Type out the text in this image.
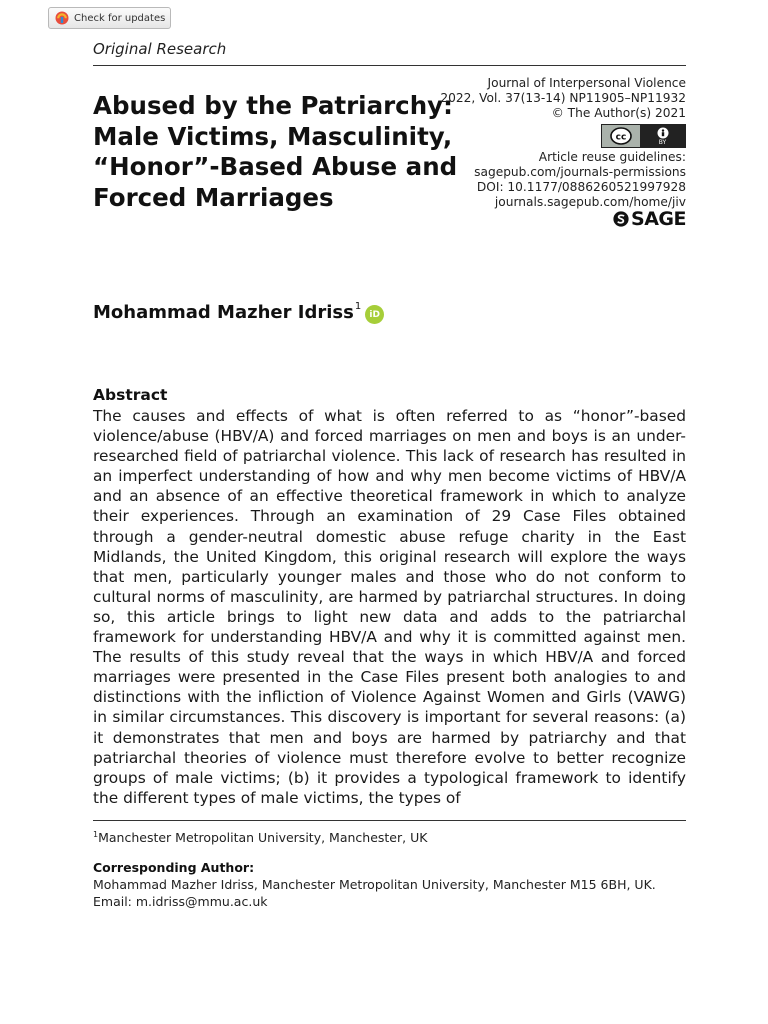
Check for updates
Original Research
Abused by the Patriarchy: Male Victims, Masculinity, “Honor”-Based Abuse and Forced Marriages
Journal of Interpersonal Violence
2022, Vol. 37(13-14) NP11905–NP11932
© The Author(s) 2021
cc	BY
Article reuse guidelines:
sagepub.com/journals-permissions
DOI: 10.1177/0886260521997928
journals.sagepub.com/home/jiv
SAGE
Mohammad Mazher Idriss$^1$
iD
Abstract

The causes and effects of what is often referred to as “honor”-based violence/abuse (HBV/A) and forced marriages on men and boys is an under-researched field of patriarchal violence. This lack of research has resulted in an imperfect understanding of how and why men become victims of HBV/A and an absence of an effective theoretical framework in which to analyze their experiences. Through an examination of 29 Case Files obtained through a gender-neutral domestic abuse refuge charity in the East Midlands, the United Kingdom, this original research will explore the ways that men, particularly younger males and those who do not conform to cultural norms of masculinity, are harmed by patriarchal structures. In doing so, this article brings to light new data and adds to the patriarchal framework for understanding HBV/A and why it is committed against men. The results of this study reveal that the ways in which HBV/A and forced marriages were presented in the Case Files present both analogies to and distinctions with the infliction of Violence Against Women and Girls (VAWG) in similar circumstances. This discovery is important for several reasons: (a) it demonstrates that men and boys are harmed by patriarchy and that patriarchal theories of violence must therefore evolve to better recognize groups of male victims; (b) it provides a typological framework to identify the different types of male victims, the types of

$^1$Manchester Metropolitan University, Manchester, UK
Corresponding Author:
Mohammad Mazher Idriss, Manchester Metropolitan University, Manchester M15 6BH, UK.
Email: m.idriss@mmu.ac.uk
